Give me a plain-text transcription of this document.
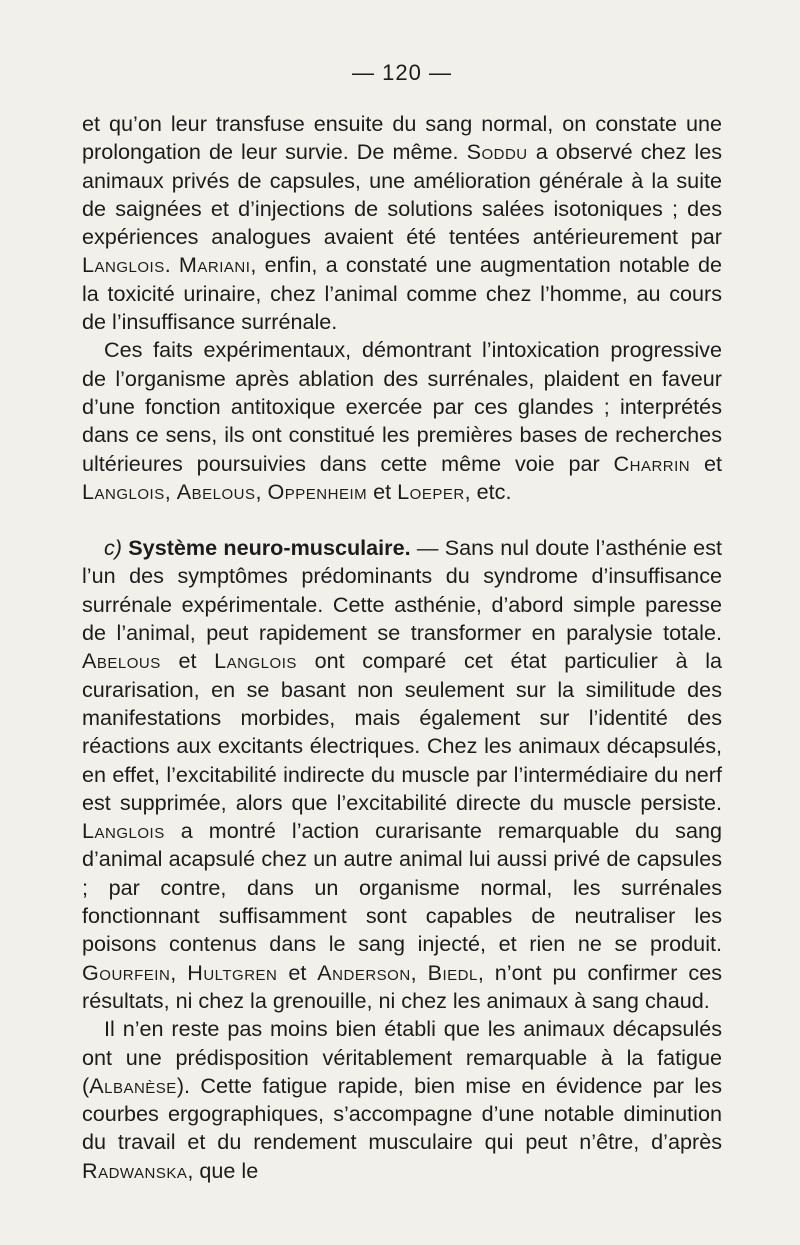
— 120 —

et qu’on leur transfuse ensuite du sang normal, on constate une prolongation de leur survie. De même. Soddu a observé chez les animaux privés de capsules, une amélioration générale à la suite de saignées et d’injections de solutions salées isotoniques ; des expériences analogues avaient été tentées antérieurement par Langlois. Mariani, enfin, a constaté une augmentation notable de la toxicité urinaire, chez l’animal comme chez l’homme, au cours de l’insuffisance surrénale.

Ces faits expérimentaux, démontrant l’intoxication progressive de l’organisme après ablation des surrénales, plaident en faveur d’une fonction antitoxique exercée par ces glandes ; interprétés dans ce sens, ils ont constitué les premières bases de recherches ultérieures poursuivies dans cette même voie par Charrin et Langlois, Abelous, Oppenheim et Loeper, etc.

c) Système neuro-musculaire. — Sans nul doute l’asthénie est l’un des symptômes prédominants du syndrome d’insuffisance surrénale expérimentale. Cette asthénie, d’abord simple paresse de l’animal, peut rapidement se transformer en paralysie totale. Abelous et Langlois ont comparé cet état particulier à la curarisation, en se basant non seulement sur la similitude des manifestations morbides, mais également sur l’identité des réactions aux excitants électriques. Chez les animaux décapsulés, en effet, l’excitabilité indirecte du muscle par l’intermédiaire du nerf est supprimée, alors que l’excitabilité directe du muscle persiste. Langlois a montré l’action curarisante remarquable du sang d’animal acapsulé chez un autre animal lui aussi privé de capsules ; par contre, dans un organisme normal, les surrénales fonctionnant suffisamment sont capables de neutraliser les poisons contenus dans le sang injecté, et rien ne se produit. Gourfein, Hultgren et Anderson, Biedl, n’ont pu confirmer ces résultats, ni chez la grenouille, ni chez les animaux à sang chaud.

Il n’en reste pas moins bien établi que les animaux décapsulés ont une prédisposition véritablement remarquable à la fatigue (Albanèse). Cette fatigue rapide, bien mise en évidence par les courbes ergographiques, s’accompagne d’une notable diminution du travail et du rendement musculaire qui peut n’être, d’après Radwanska, que le
